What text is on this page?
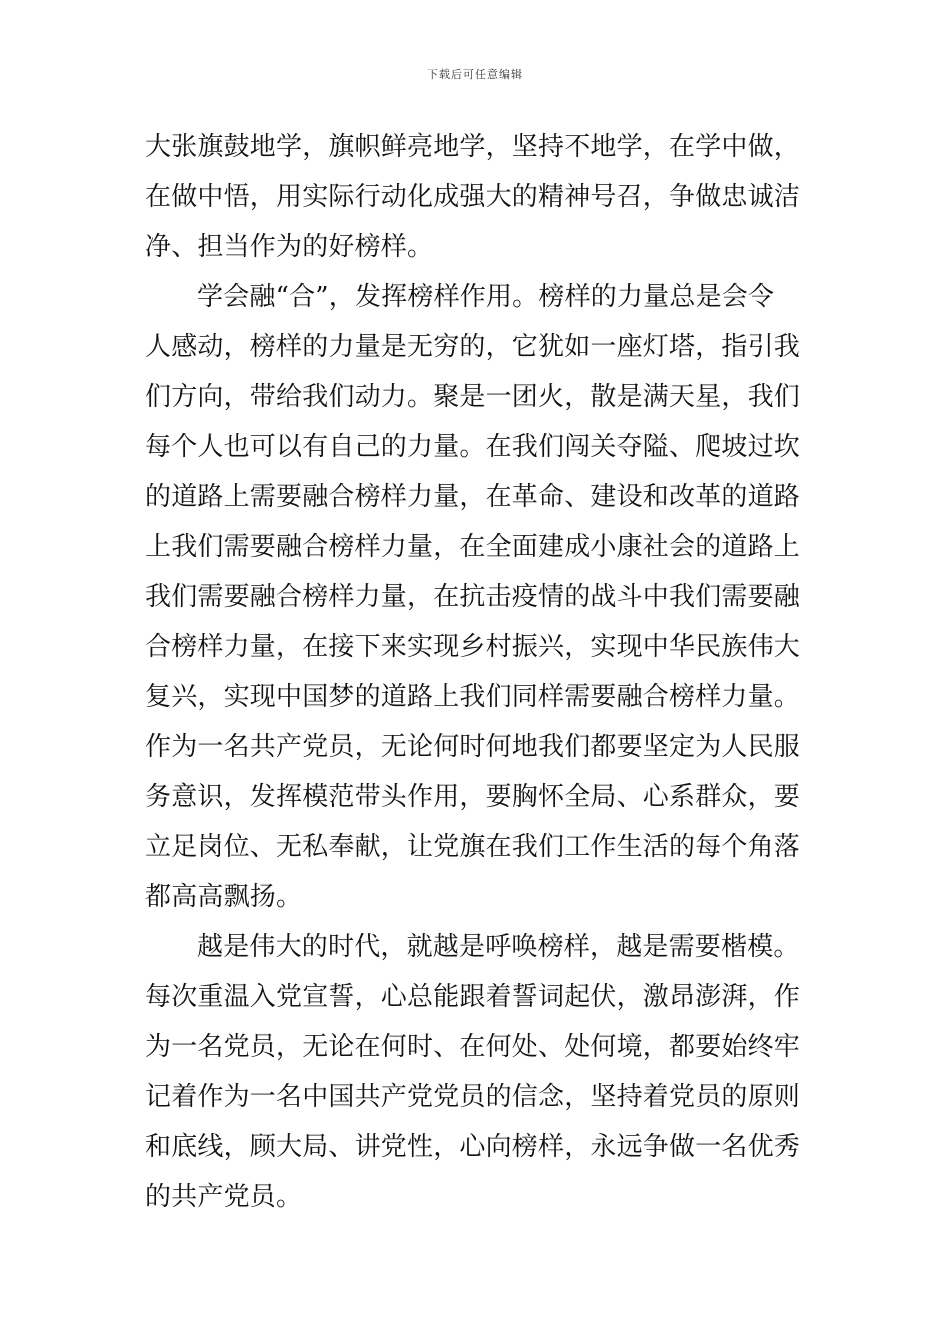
下载后可任意编辑
大张旗鼓地学，旗帜鲜亮地学，坚持不地学，在学中做，
在做中悟，用实际行动化成强大的精神号召，争做忠诚洁
净、担当作为的好榜样。
学会融“合”，发挥榜样作用。榜样的力量总是会令
人感动，榜样的力量是无穷的，它犹如一座灯塔，指引我
们方向，带给我们动力。聚是一团火，散是满天星，我们
每个人也可以有自己的力量。在我们闯关夺隘、爬坡过坎
的道路上需要融合榜样力量，在革命、建设和改革的道路
上我们需要融合榜样力量，在全面建成小康社会的道路上
我们需要融合榜样力量，在抗击疫情的战斗中我们需要融
合榜样力量，在接下来实现乡村振兴，实现中华民族伟大
复兴，实现中国梦的道路上我们同样需要融合榜样力量。
作为一名共产党员，无论何时何地我们都要坚定为人民服
务意识，发挥模范带头作用，要胸怀全局、心系群众，要
立足岗位、无私奉献，让党旗在我们工作生活的每个角落
都高高飘扬。
越是伟大的时代，就越是呼唤榜样，越是需要楷模。
每次重温入党宣誓，心总能跟着誓词起伏，激昂澎湃，作
为一名党员，无论在何时、在何处、处何境，都要始终牢
记着作为一名中国共产党党员的信念，坚持着党员的原则
和底线，顾大局、讲党性，心向榜样，永远争做一名优秀
的共产党员。
